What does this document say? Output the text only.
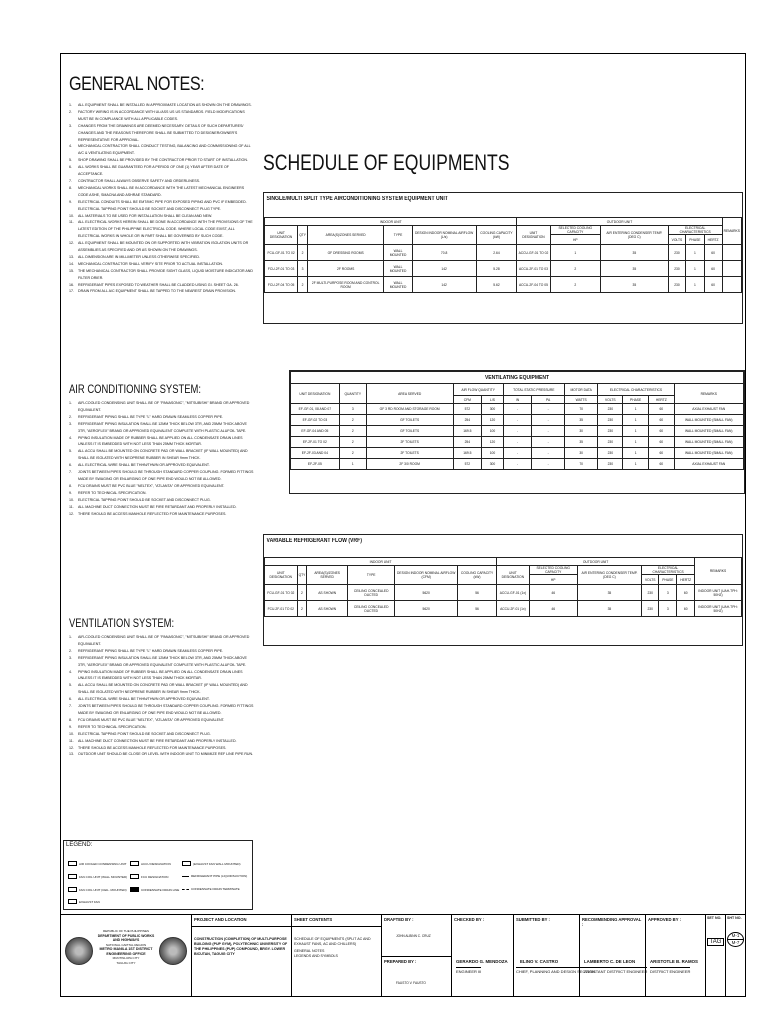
GENERAL NOTES:
1.	ALL EQUIPMENT SHALL BE INSTALLED IN APPROXIMATE LOCATION AS SHOWN ON THE DRAWINGS.
2.	FACTORY WIRING IS IN ACCORDANCE WITH UL/ASS US US STANDARDS. FIELD MODIFICATIONS MUST BE IN COMPLIANCE WITH ALL APPLICABLE CODES.
3.	CHANGES FROM THE DRAWINGS ARE DEEMED NECESSARY. DETAILS OF SUCH DEPARTURES/ CHANGES AND THE REASONS THEREFORE SHALL BE SUBMITTED TO DESIGNER/OWNER'S REPRESENTATIVE FOR APPROVAL.
4.	MECHANICAL CONTRACTOR SHALL CONDUCT TESTING, BALANCING AND COMMISSIONING OF ALL A/C & VENTILATING EQUIPMENT.
5.	SHOP DRAWING SHALL BE PROVIDED BY THE CONTRACTOR PRIOR TO START OF INSTALLATION.
6.	ALL WORKS SHALL BE GUARANTEED FOR A PERIOD OF ONE (1) YEAR AFTER DATE OF ACCEPTANCE.
7.	CONTRACTOR SHALL ALWAYS OBSERVE SAFETY AND ORDERLINESS.
8.	MECHANICAL WORKS SHALL BE IN ACCORDANCE WITH THE LATEST MECHANICAL ENGINEERS CODE ASHE, SMACNA AND ASHRAE STANDARD.
9.	ELECTRICAL CONDUITS SHALL BE EMT/IMC PIPE FOR EXPOSED PIPING AND PVC IF EMBEDDED. ELECTRICAL TAPPING POINT SHOULD BE SOCKET AND DISCONNECT PLUG TYPE.
10.	ALL MATERIALS TO BE USED FOR INSTALLATION SHALL BE CLEAN AND NEW.
11.	ALL ELECTRICAL WORKS HEREIN SHALL BE DONE IN ACCORDANCE WITH THE PROVISIONS OF THE LATEST EDITION OF THE PHILIPPINE ELECTRICAL CODE. WHERE LOCAL CODE EXIST, ALL ELECTRICAL WORKS IN WHOLE OR IN PART SHALL BE GOVERNED BY SUCH CODE.
12.	ALL EQUIPMENT SHALL BE MOUNTED ON OR SUPPORTED WITH VIBRATION ISOLATION UNITS OR ASSEMBLIES AS SPECIFIED AND OR AS SHOWN ON THE DRAWINGS.
13.	ALL DIMENSION ARE IN MILLIMETER UNLESS OTHERWISE SPECIFIED.
14.	MECHANICAL CONTRACTOR SHALL VERIFY SITE PRIOR TO ACTUAL INSTALLATION.
15.	THE MECHANICAL CONTRACTOR SHALL PROVIDE SIGHT GLASS, LIQUID MOISTURE INDICATOR AND FILTER DRIER.
16.	REFRIGERANT PIPES EXPOSED TO WEATHER SHALL BE CLADDED USING GI. SHEET GA. 26.
17.	DRAIN FROM ALL A/C EQUIPMENT SHALL BE TAPPED TO THE NEAREST DRAIN PROVISION.
AIR CONDITIONING SYSTEM:
1.	AIR-COOLED CONDENSING UNIT SHALL BE OF "PANASONIC", "MITSUBISHI" BRAND OR APPROVED EQUIVALENT.
2.	REFRIGERANT PIPING SHALL BE TYPE "L" HARD DRAWN SEAMLESS COPPER PIPE.
3.	REFRIGERANT PIPING INSULATION SHALL BE 12MM THICK BELOW 3TR, AND 25MM THICK ABOVE 3TR, "AEROFLEX" BRAND OR APPROVED EQUIVALENT COMPLETE WITH PLASTIC ALUFOIL TAPE.
4.	PIPING INSULATION MADE OF RUBBER SHALL BE APPLIED ON ALL CONDENSATE DRAIN LINES UNLESS IT IS EMBEDDED WITH NOT LESS THAN 25MM THICK MORTAR.
5.	ALL ACCU SHALL BE MOUNTED ON CONCRETE PAD OR WALL BRACKET (IF WALL MOUNTED) AND SHALL BE ISOLATED WITH NEOPRENE RUBBER IN SHEAR 9mm THICK.
6.	ALL ELECTRICAL WIRE SHALL BE THHN/THWN OR APPROVED EQUIVALENT.
7.	JOINTS BETWEEN PIPES SHOULD BE THROUGH STANDARD COPPER COUPLING. FORMED FITTINGS MADE BY SWAGING OR ENLARGING OF ONE PIPE END WOULD NOT BE ALLOWED.
8.	FCU DRAINS MUST BE PVC BLUE "NELTEX", "ATLANTA" OR APPROVED EQUIVALENT.
9.	REFER TO TECHNICAL SPECIFICATION.
10.	ELECTRICAL TAPPING POINT SHOULD BE SOCKET AND DISCONNECT PLUG.
11.	ALL MACHINE DUCT CONNECTION MUST BE FIRE RETARDANT AND PROPERLY INSTALLED.
12.	THERE SHOULD BE ACCESS MANHOLE REFLECTED FOR MAINTENANCE PURPOSES.
VENTILATION SYSTEM:
1.	AIR-COOLED CONDENSING UNIT SHALL BE OF "PANASONIC", "MITSUBISHI" BRAND OR APPROVED EQUIVALENT.
2.	REFRIGERANT PIPING SHALL BE TYPE "L" HARD DRAWN SEAMLESS COPPER PIPE.
3.	REFRIGERANT PIPING INSULATION SHALL BE 12MM THICK BELOW 3TR, AND 25MM THICK ABOVE 3TR, "AEROFLEX" BRAND OR APPROVED EQUIVALENT COMPLETE WITH PLASTIC ALUFOIL TAPE.
4.	PIPING INSULATION MADE OF RUBBER SHALL BE APPLIED ON ALL CONDENSATE DRAIN LINES UNLESS IT IS EMBEDDED WITH NOT LESS THAN 25MM THICK MORTAR.
5.	ALL ACCU SHALL BE MOUNTED ON CONCRETE PAD OR WALL BRACKET (IF WALL MOUNTED) AND SHALL BE ISOLATED WITH NEOPRENE RUBBER IN SHEAR 9mm THICK.
6.	ALL ELECTRICAL WIRE SHALL BE THHN/THWN OR APPROVED EQUIVALENT.
7.	JOINTS BETWEEN PIPES SHOULD BE THROUGH STANDARD COPPER COUPLING. FORMED FITTINGS MADE BY SWAGING OR ENLARGING OF ONE PIPE END WOULD NOT BE ALLOWED.
8.	FCU DRAINS MUST BE PVC BLUE "NELTEX", "ATLANTA" OR APPROVED EQUIVALENT.
9.	REFER TO TECHNICAL SPECIFICATION.
10.	ELECTRICAL TAPPING POINT SHOULD BE SOCKET AND DISCONNECT PLUG.
11.	ALL MACHINE DUCT CONNECTION MUST BE FIRE RETARDANT AND PROPERLY INSTALLED.
12.	THERE SHOULD BE ACCESS MANHOLE REFLECTED FOR MAINTENANCE PURPOSES.
13.	OUTDOOR UNIT SHOULD BE CLOSE OR LEVEL WITH INDOOR UNIT TO MINIMIZE REF LINE PIPE RUN.
SCHEDULE OF EQUIPMENTS
SINGLE/MULTI SPLIT TYPE AIRCONDITIONING SYSTEM EQUIPMENT UNIT
INDOOR UNIT						OUTDOOR UNIT						REMARKS
UNIT DESIGNATION	QTY	AREA(S)/ZONES SERVED	TYPE	DESIGN INDOOR NOMINAL AIRFLOW (L/s)	COOLING CAPACITY (kW)	UNIT DESIGNATION	SELECTED COOLING CAPACITY	AIR ENTERING CONDENSER TEMP. (DEG C)	ELECTRICAL CHARACTERISTICS			
							HP		VOLTS	PHASE	HERTZ	
FCU-GF-01 TO 02	2	GF DRESSING ROOMS	WALL MOUNTED	70.8	2.64	ACCU-GF-01 TO 02	1	35	230	1	60	
FCU-2F-01 TO 03	3	2F ROOMS	WALL MOUNTED	142	5.28	ACCU-2F-01 TO 03	2	35	230	1	60	
FCU-2F-04 TO 05	2	2F MULTI-PURPOSE ROOM AND CONTROL ROOM	WALL MOUNTED	142	5.62	ACCU-2F-04 TO 05	2	35	230	1	60	
VENTILATING EQUIPMENT											
UNIT DESIGNATION	QUANTITY	AREA SERVED	AIR FLOW QUANTITY		TOTAL STATIC PRESSURE		MOTOR DATA	ELECTRICAL CHARACTERISTICS			REMARKS
			CFM	L/S	IN	PA	WATTS	VOLTS	PHASE	HERTZ	
EF-GF-01, 08 AND 07	3	GF 3 RD ROOM AND STORAGE ROOM	572	300	-	-	70	230	1	60	AXIAL EXHAUST FAN
EF-GF-02 TO 03	2	GF TOILETS	254	120	-	-	35	230	1	60	WALL MOUNTED (SMALL FAN)
EF-GF-04 AND 05	2	GF TOILETS	169.5	100	-	-	30	230	1	60	WALL MOUNTED (SMALL FAN)
EF-2F-01 TO 02	2	2F TOILETS	254	120	-	-	35	230	1	60	WALL MOUNTED (SMALL FAN)
EF-2F-03 AND 04	2	2F TOILETS	169.5	100	-	-	30	230	1	60	WALL MOUNTED (SMALL FAN)
EF-2F-05	1	2F 3/0 ROOM	572	300	-	-	70	230	1	60	AXIAL EXHAUST FAN
VARIABLE REFRIGERANT FLOW (VRF)
INDOOR UNIT						OUTDOOR UNIT						REMARKS
UNIT DESIGNATION	QTY	AREA(S)/ZONES SERVED	TYPE	DESIGN INDOOR NOMINAL AIRFLOW (CFM)	COOLING CAPACITY (kW)	UNIT DESIGNATION	SELECTED COOLING CAPACITY	AIR ENTERING CONDENSER TEMP. (DEG C)	ELECTRICAL CHARACTERISTICS			
							HP		VOLTS	PHASE	HERTZ	
FCU-GF-01 TO 02	2	AS SHOWN	CEILING CONCEALED DUCTED	5620	56	ACCU-GF-01 (1x)	46	35	230	3	60	INDOOR UNIT (UAH-TPH: 50HZ)
FCU-2F-01 TO 02	2	AS SHOWN	CEILING CONCEALED DUCTED	5620	56	ACCU-2F-01 (1x)	46	35	230	3	60	INDOOR UNIT (UAH-TPH: 50HZ)
LEGEND:
AIR COOLED CONDENSING UNIT	ACCU DESIGNATION	(EXHAUST FAN WALL MOUNTED)
FAN COIL UNIT (WALL MOUNTED)	FCU DESIGNATION	REFRIGERANT PIPE (LIQUID/SUCTION)
FAN COIL UNIT (CEIL. MOUNTED)	CONDENSATE DRAIN LINE	CONDENSATE DRAIN TERMINATE
EXHAUST FAN
REPUBLIC OF THE PHILIPPINES
DEPARTMENT OF PUBLIC WORKS AND HIGHWAYS
NATIONAL CAPITAL REGION
METRO MANILA 1ST DISTRICT ENGINEERING OFFICE
MUNTINLUPA CITY
TAGUIG CITY
PROJECT AND LOCATION
CONSTRUCTION (COMPLETION) OF MULTI-PURPOSE BUILDING (PUP GYM), POLYTECHNIC UNIVERSITY OF THE PHILIPPINES (PUP) COMPOUND, BRGY. LOWER BICUTAN, TAGUIG CITY
SHEET CONTENTS
SCHEDULE OF EQUIPMENTS (SPLIT AC AND EXHAUST FANS, AC AND CHILLERS)
GENERAL NOTES
LEGENDS AND SYMBOLS
DRAFTED BY :
JOHN ALBINN C. CRUZ
PREPARED BY :
FAUSTO V. FAUSTO
CHECKED BY :
GERARDO G. MENDOZA
ENGINEER III
SUBMITTED BY :
ELINO V. CASTRO
CHIEF, PLANNING AND DESIGN SECTION
RECOMMENDING APPROVAL :
LAMBERTO C. DE LEON
ASSISTANT DISTRICT ENGINEER
APPROVED BY :
ARISTOTLE B. RAMOS
DISTRICT ENGINEER
SET NO.
TAG
SHT NO.
M-1
M-7
